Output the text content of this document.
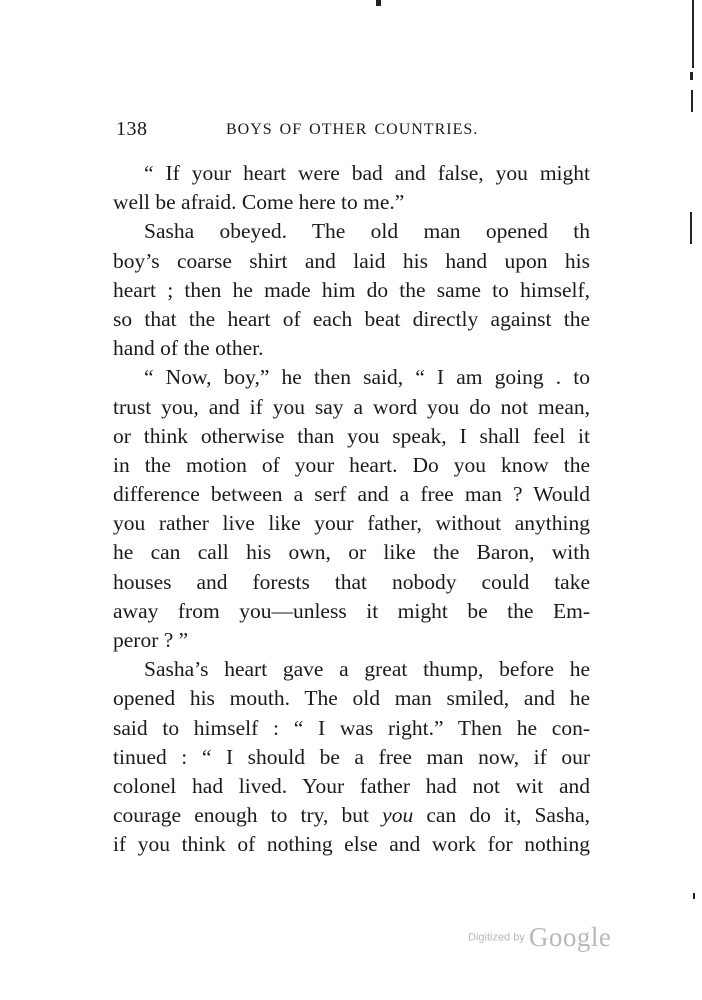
138	BOYS OF OTHER COUNTRIES.
“ If your heart were bad and false, you might
well be afraid. Come here to me.”
Sasha obeyed. The old man opened th
boy’s coarse shirt and laid his hand upon his
heart ; then he made him do the same to himself,
so that the heart of each beat directly against the
hand of the other.
“ Now, boy,” he then said, “ I am going . to
trust you, and if you say a word you do not mean,
or think otherwise than you speak, I shall feel it
in the motion of your heart. Do you know the
difference between a serf and a free man ? Would
you rather live like your father, without anything
he can call his own, or like the Baron, with
houses and forests that nobody could take
away from you—unless it might be the Em-
peror ? ”
Sasha’s heart gave a great thump, before he
opened his mouth. The old man smiled, and he
said to himself : “ I was right.” Then he con-
tinued : “ I should be a free man now, if our
colonel had lived. Your father had not wit and
courage enough to try, but you can do it, Sasha,
if you think of nothing else and work for nothing
Digitized by Google
